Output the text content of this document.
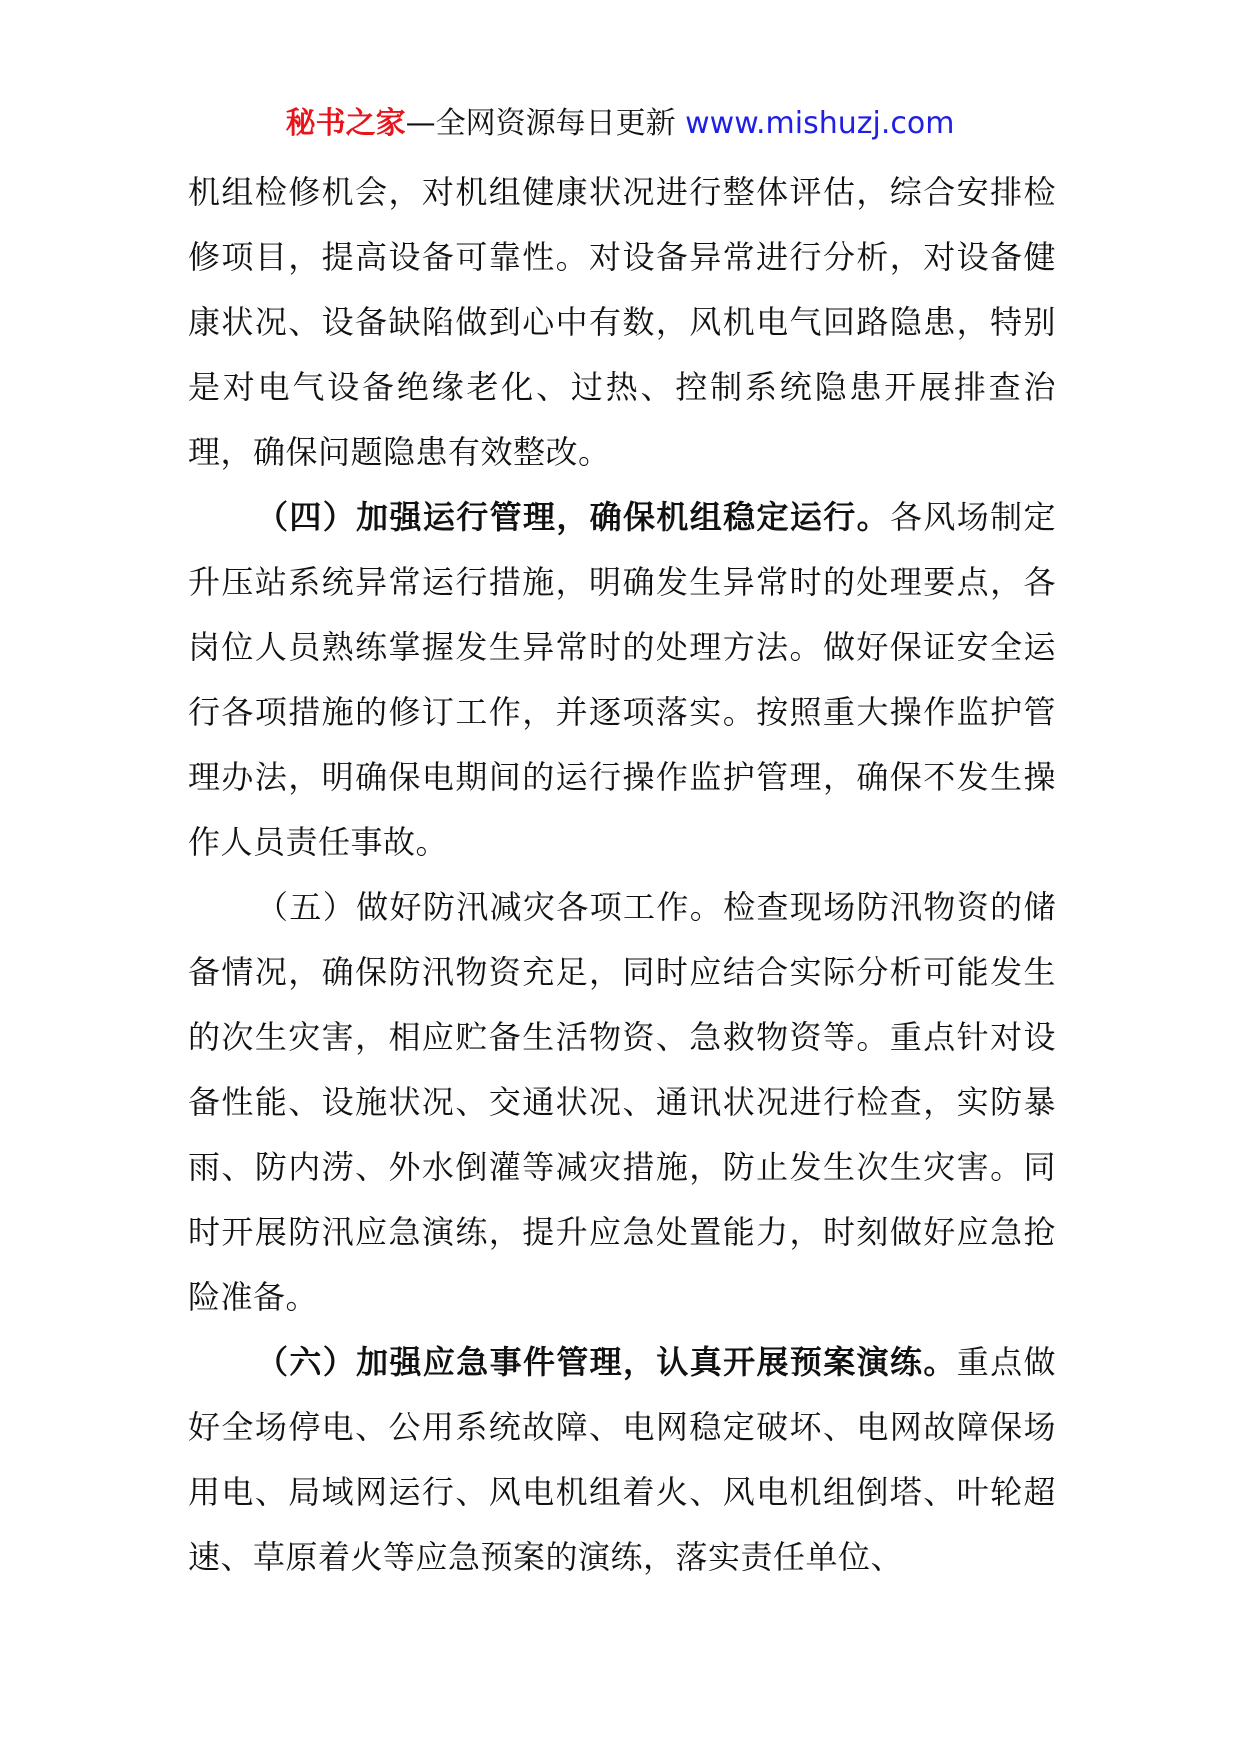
秘书之家—全网资源每日更新 www.mishuzj.com

机组检修机会，对机组健康状况进行整体评估，综合安排检修项目，提高设备可靠性。对设备异常进行分析，对设备健康状况、设备缺陷做到心中有数，风机电气回路隐患，特别是对电气设备绝缘老化、过热、控制系统隐患开展排查治理，确保问题隐患有效整改。

（四）加强运行管理，确保机组稳定运行。各风场制定升压站系统异常运行措施，明确发生异常时的处理要点，各岗位人员熟练掌握发生异常时的处理方法。做好保证安全运行各项措施的修订工作，并逐项落实。按照重大操作监护管理办法，明确保电期间的运行操作监护管理，确保不发生操作人员责任事故。

（五）做好防汛减灾各项工作。检查现场防汛物资的储备情况，确保防汛物资充足，同时应结合实际分析可能发生的次生灾害，相应贮备生活物资、急救物资等。重点针对设备性能、设施状况、交通状况、通讯状况进行检查，实防暴雨、防内涝、外水倒灌等减灾措施，防止发生次生灾害。同时开展防汛应急演练，提升应急处置能力，时刻做好应急抢险准备。

（六）加强应急事件管理，认真开展预案演练。重点做好全场停电、公用系统故障、电网稳定破坏、电网故障保场用电、局域网运行、风电机组着火、风电机组倒塔、叶轮超速、草原着火等应急预案的演练，落实责任单位、
